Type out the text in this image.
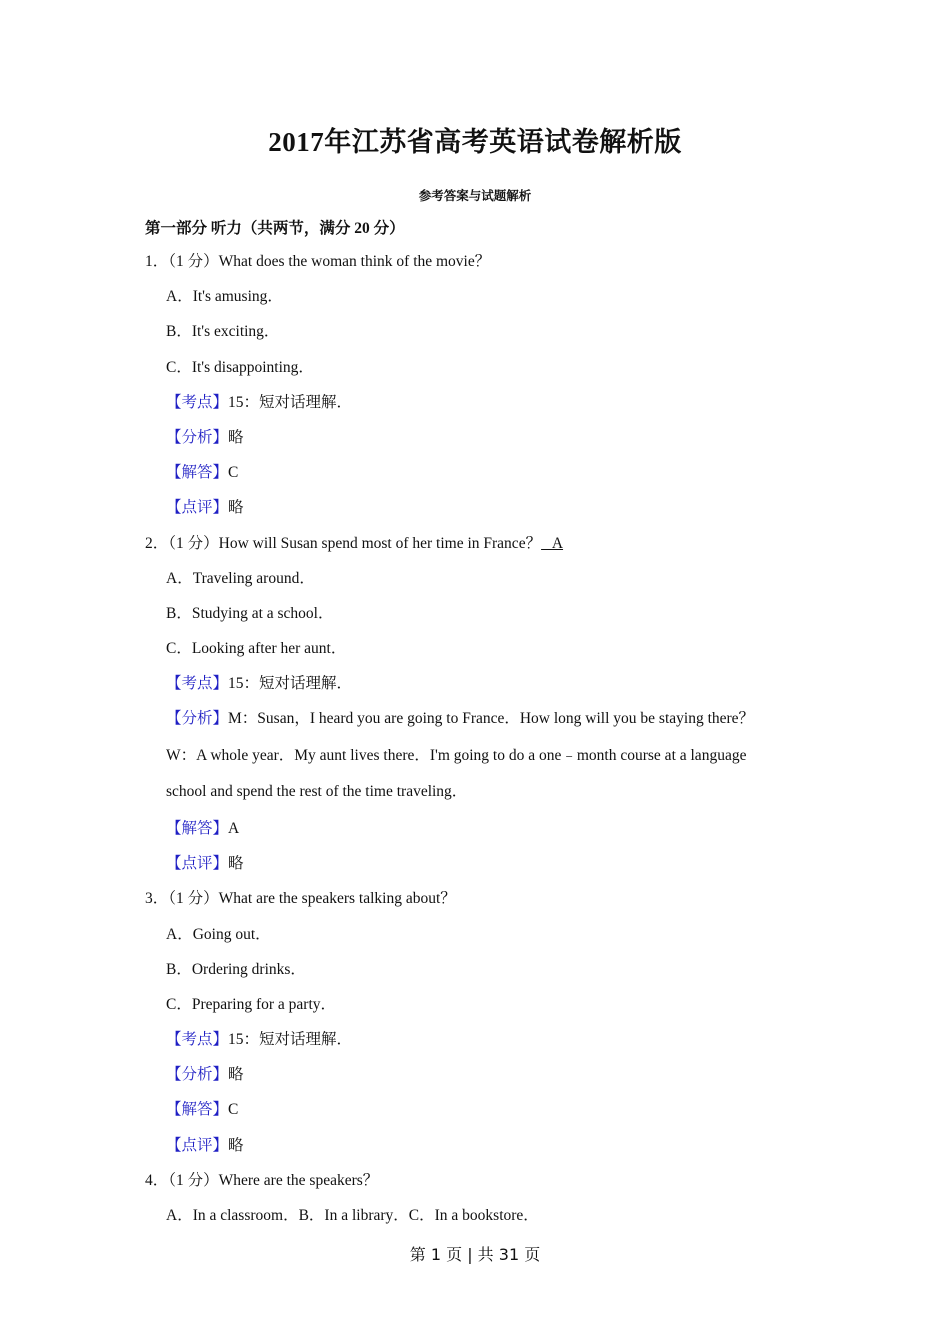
2017年江苏省高考英语试卷解析版
参考答案与试题解析
第一部分 听力（共两节，满分 20 分）
1．（1 分）What does the woman think of the movie？
A．It's amusing．
B．It's exciting．
C．It's disappointing．
【考点】15：短对话理解．
【分析】略
【解答】C
【点评】略
2．（1 分）How will Susan spend most of her time in France？   A
A．Traveling around．
B．Studying at a school．
C．Looking after her aunt．
【考点】15：短对话理解．
【分析】M：Susan，I heard you are going to France．How long will you be staying there？
W：A whole year．My aunt lives there．I'm going to do a one﹣month course at a language
school and spend the rest of the time traveling．
【解答】A
【点评】略
3．（1 分）What are the speakers talking about？
A．Going out．
B．Ordering drinks．
C．Preparing for a party．
【考点】15：短对话理解．
【分析】略
【解答】C
【点评】略
4．（1 分）Where are the speakers？
A．In a classroom．B．In a library．C．In a bookstore．
第 1 页 | 共 31 页
